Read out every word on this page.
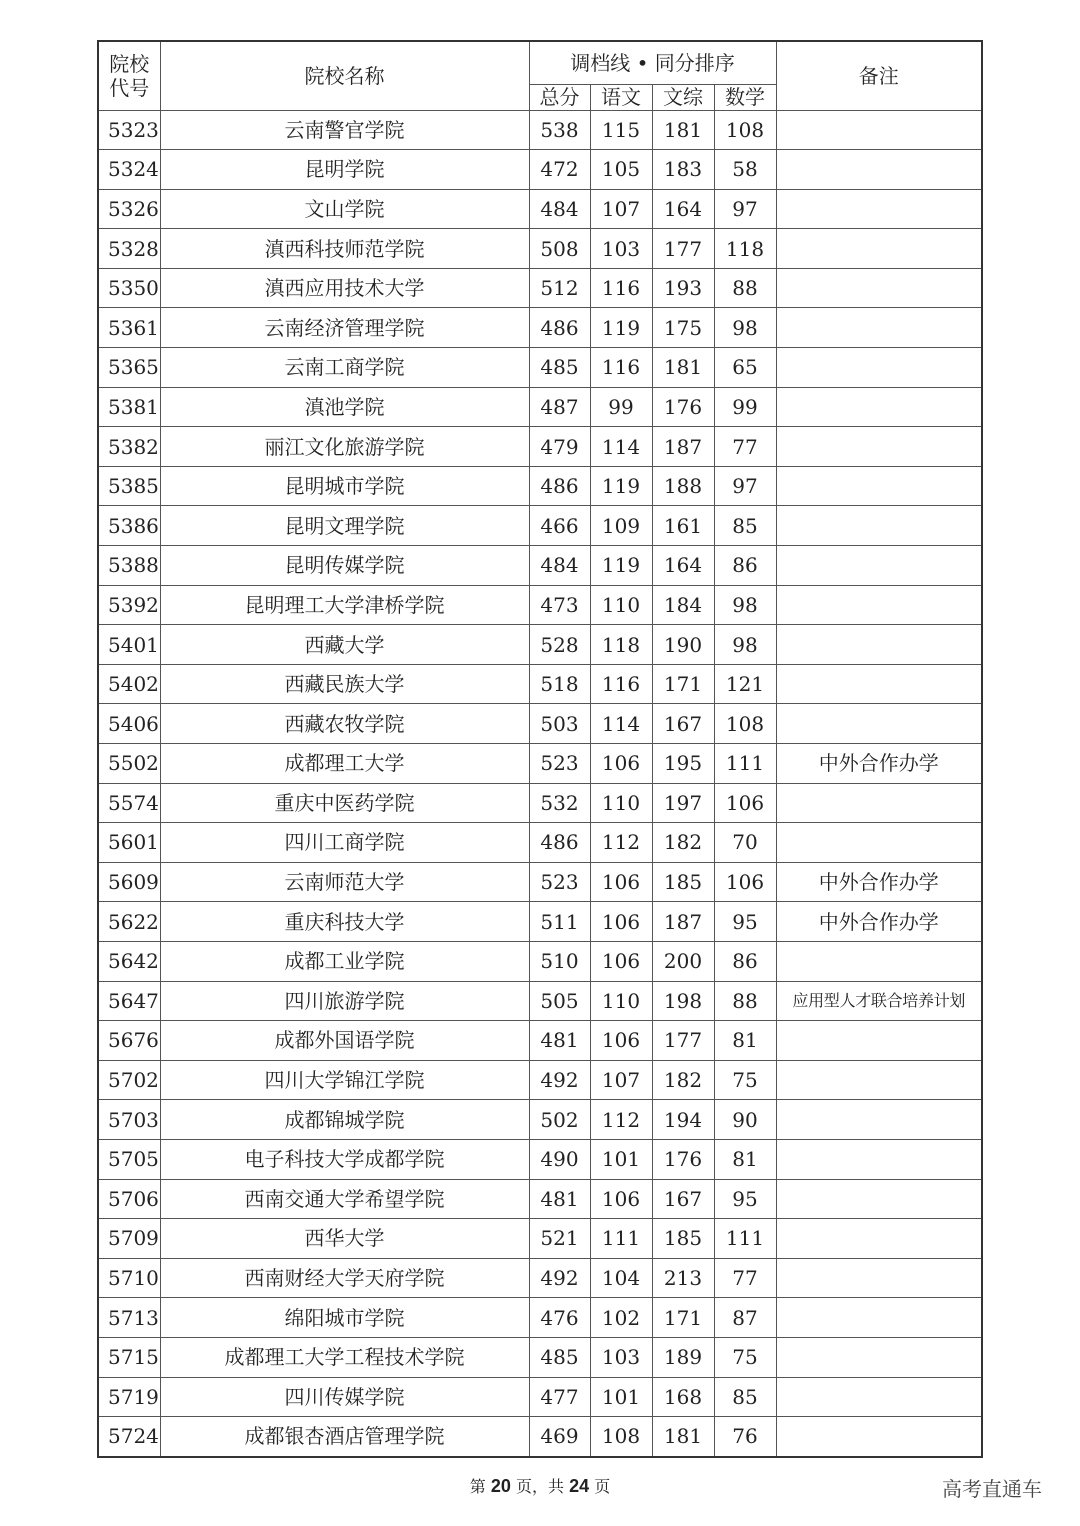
院校代号	院校名称	调档线 • 同分排序				备注
		总分	语文	文综	数学	
5323	云南警官学院	538	115	181	108	
5324	昆明学院	472	105	183	58	
5326	文山学院	484	107	164	97	
5328	滇西科技师范学院	508	103	177	118	
5350	滇西应用技术大学	512	116	193	88	
5361	云南经济管理学院	486	119	175	98	
5365	云南工商学院	485	116	181	65	
5381	滇池学院	487	99	176	99	
5382	丽江文化旅游学院	479	114	187	77	
5385	昆明城市学院	486	119	188	97	
5386	昆明文理学院	466	109	161	85	
5388	昆明传媒学院	484	119	164	86	
5392	昆明理工大学津桥学院	473	110	184	98	
5401	西藏大学	528	118	190	98	
5402	西藏民族大学	518	116	171	121	
5406	西藏农牧学院	503	114	167	108	
5502	成都理工大学	523	106	195	111	中外合作办学
5574	重庆中医药学院	532	110	197	106	
5601	四川工商学院	486	112	182	70	
5609	云南师范大学	523	106	185	106	中外合作办学
5622	重庆科技大学	511	106	187	95	中外合作办学
5642	成都工业学院	510	106	200	86	
5647	四川旅游学院	505	110	198	88	应用型人才联合培养计划
5676	成都外国语学院	481	106	177	81	
5702	四川大学锦江学院	492	107	182	75	
5703	成都锦城学院	502	112	194	90	
5705	电子科技大学成都学院	490	101	176	81	
5706	西南交通大学希望学院	481	106	167	95	
5709	西华大学	521	111	185	111	
5710	西南财经大学天府学院	492	104	213	77	
5713	绵阳城市学院	476	102	171	87	
5715	成都理工大学工程技术学院	485	103	189	75	
5719	四川传媒学院	477	101	168	85	
5724	成都银杏酒店管理学院	469	108	181	76	
第 20 页，共 24 页	高考直通车
